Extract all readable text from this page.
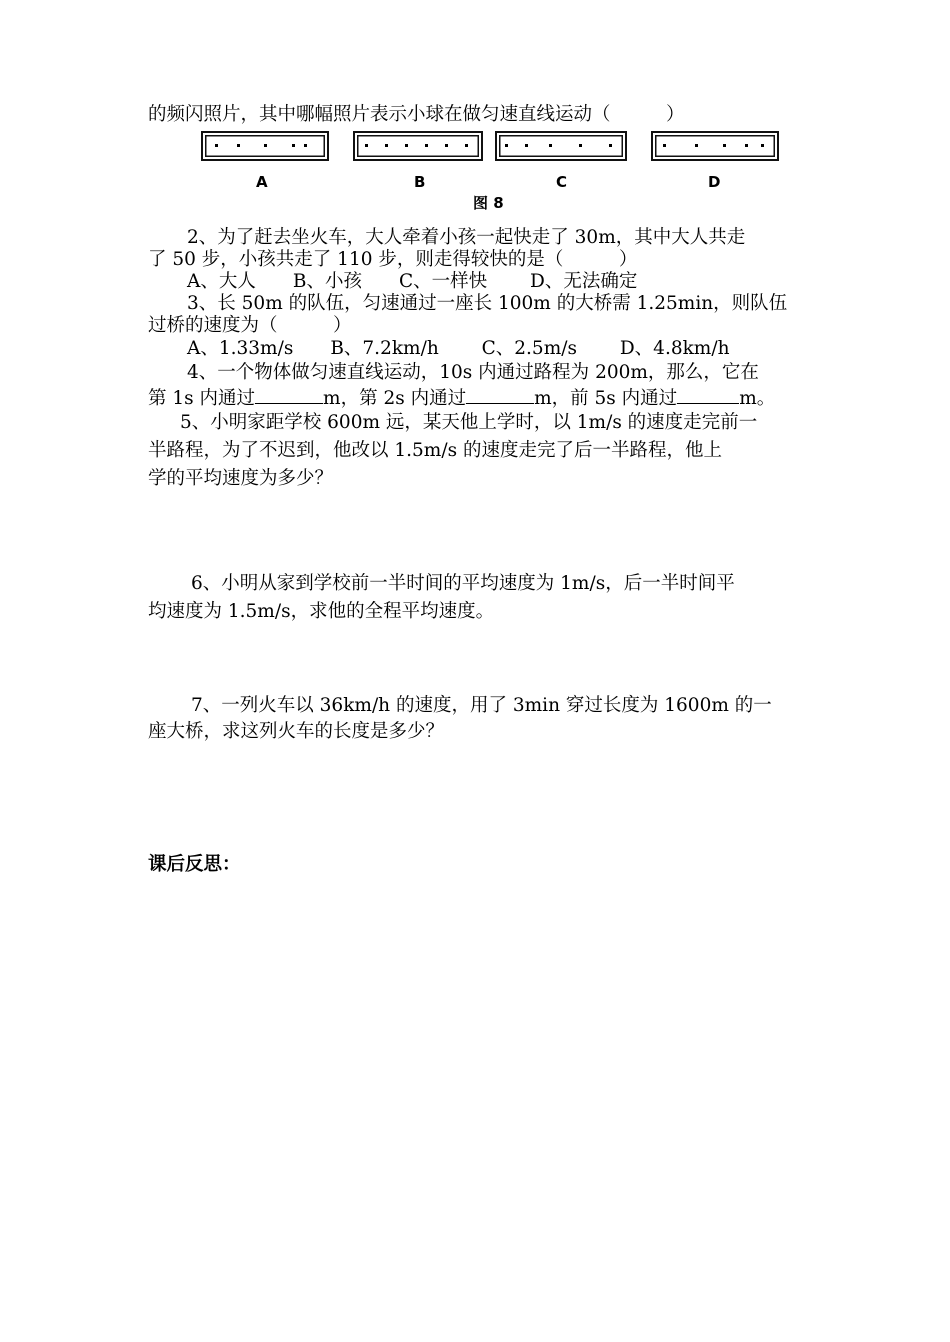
的频闪照片，其中哪幅照片表示小球在做匀速直线运动（　　　）
A	B	C	D
图 8
2、为了赶去坐火车，大人牵着小孩一起快走了 30m，其中大人共走
了 50 步，小孩共走了 110 步，则走得较快的是（　　　）
A、大人　　B、小孩　　C、一样快　　 D、无法确定
3、长 50m 的队伍，匀速通过一座长 100m 的大桥需 1.25min，则队伍
过桥的速度为（　　　）
A、1.33m/s　　B、7.2km/h　　 C、2.5m/s　　 D、4.8km/h
4、一个物体做匀速直线运动，10s 内通过路程为 200m，那么，它在
第 1s 内通过	m，第 2s 内通过	m，前 5s 内通过	m。
5、小明家距学校 600m 远，某天他上学时，以 1m/s 的速度走完前一
半路程，为了不迟到，他改以 1.5m/s 的速度走完了后一半路程，他上
学的平均速度为多少？
6、小明从家到学校前一半时间的平均速度为 1m/s，后一半时间平
均速度为 1.5m/s，求他的全程平均速度。
7、一列火车以 36km/h 的速度，用了 3min 穿过长度为 1600m 的一
座大桥，求这列火车的长度是多少？
课后反思：
